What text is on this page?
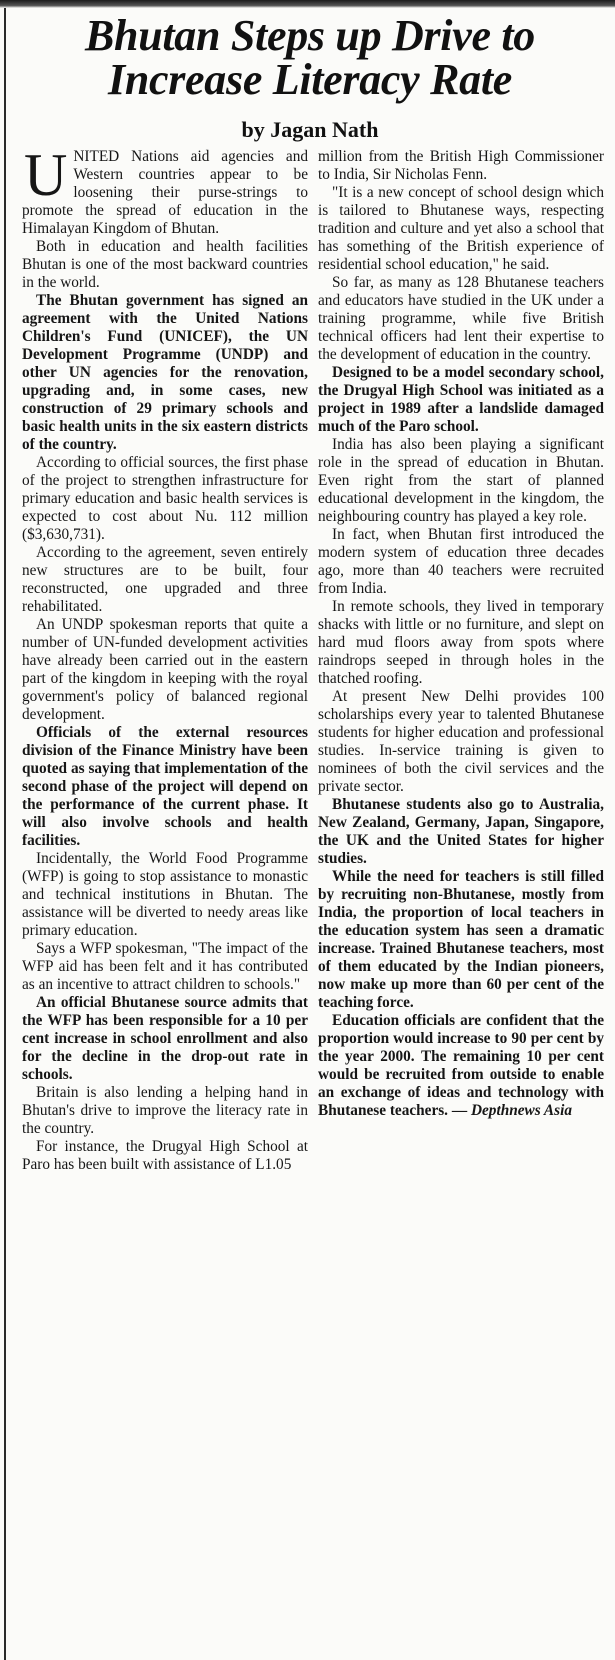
Bhutan Steps up Drive to
Increase Literacy Rate
by Jagan Nath

UNITED Nations aid agencies and Western countries appear to be loosening their purse-strings to promote the spread of education in the Himalayan Kingdom of Bhutan.

Both in education and health facilities Bhutan is one of the most backward countries in the world.

The Bhutan government has signed an agreement with the United Nations Children's Fund (UNICEF), the UN Development Programme (UNDP) and other UN agencies for the renovation, upgrading and, in some cases, new construction of 29 primary schools and basic health units in the six eastern districts of the country.

According to official sources, the first phase of the project to strengthen infrastructure for primary education and basic health services is expected to cost about Nu. 112 million ($3,630,731).

According to the agreement, seven entirely new structures are to be built, four reconstructed, one upgraded and three rehabilitated.

An UNDP spokesman reports that quite a number of UN-funded development activities have already been carried out in the eastern part of the kingdom in keeping with the royal government's policy of balanced regional development.

Officials of the external resources division of the Finance Ministry have been quoted as saying that implementation of the second phase of the project will depend on the performance of the current phase. It will also involve schools and health facilities.

Incidentally, the World Food Programme (WFP) is going to stop assistance to monastic and technical institutions in Bhutan. The assistance will be diverted to needy areas like primary education.

Says a WFP spokesman, "The impact of the WFP aid has been felt and it has contributed as an incentive to attract children to schools."

An official Bhutanese source admits that the WFP has been responsible for a 10 per cent increase in school enrollment and also for the decline in the drop-out rate in schools.

Britain is also lending a helping hand in Bhutan's drive to improve the literacy rate in the country.

For instance, the Drugyal High School at Paro has been built with assistance of L1.05

million from the British High Commissioner to India, Sir Nicholas Fenn.

"It is a new concept of school design which is tailored to Bhutanese ways, respecting tradition and culture and yet also a school that has something of the British experience of residential school education," he said.

So far, as many as 128 Bhutanese teachers and educators have studied in the UK under a training programme, while five British technical officers had lent their expertise to the development of education in the country.

Designed to be a model secondary school, the Drugyal High School was initiated as a project in 1989 after a landslide damaged much of the Paro school.

India has also been playing a significant role in the spread of education in Bhutan. Even right from the start of planned educational development in the kingdom, the neighbouring country has played a key role.

In fact, when Bhutan first introduced the modern system of education three decades ago, more than 40 teachers were recruited from India.

In remote schools, they lived in temporary shacks with little or no furniture, and slept on hard mud floors away from spots where raindrops seeped in through holes in the thatched roofing.

At present New Delhi provides 100 scholarships every year to talented Bhutanese students for higher education and professional studies. In-service training is given to nominees of both the civil services and the private sector.

Bhutanese students also go to Australia, New Zealand, Germany, Japan, Singapore, the UK and the United States for higher studies.

While the need for teachers is still filled by recruiting non-Bhutanese, mostly from India, the proportion of local teachers in the education system has seen a dramatic increase. Trained Bhutanese teachers, most of them educated by the Indian pioneers, now make up more than 60 per cent of the teaching force.

Education officials are confident that the proportion would increase to 90 per cent by the year 2000. The remaining 10 per cent would be recruited from outside to enable an exchange of ideas and technology with Bhutanese teachers. — Depthnews Asia
